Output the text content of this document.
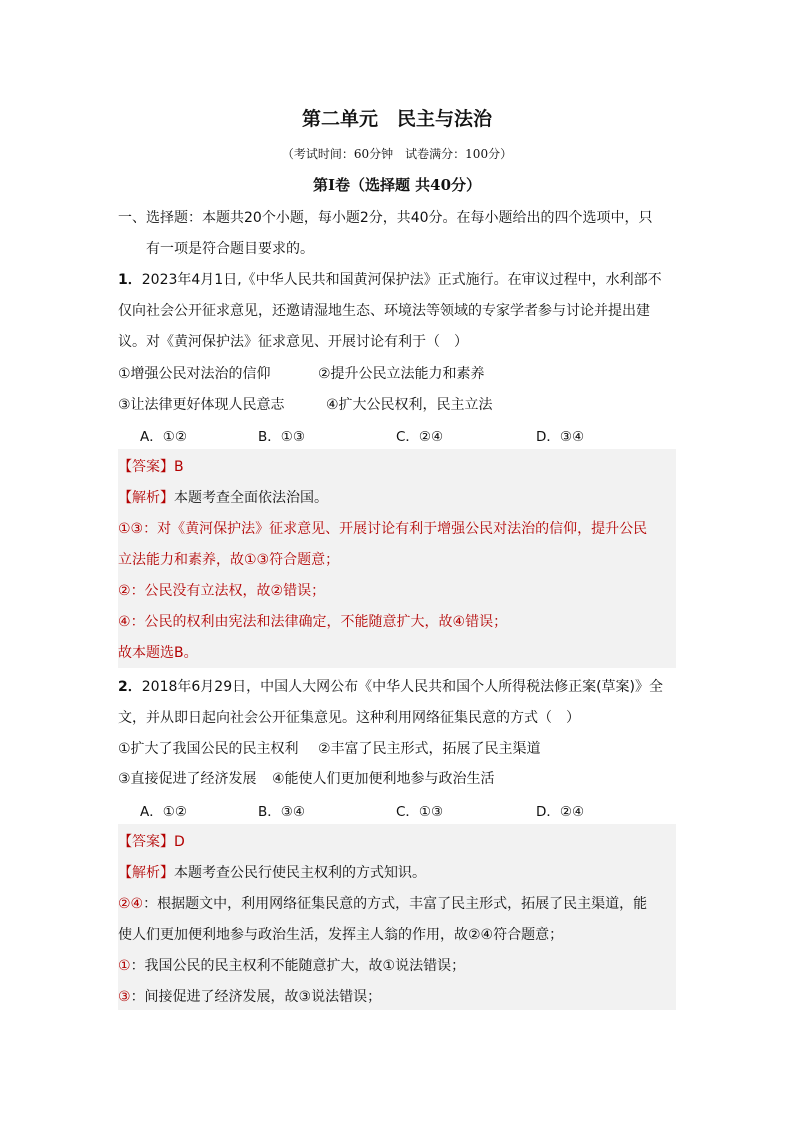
第二单元　民主与法治
（考试时间：60分钟　试卷满分：100分）
第Ⅰ卷（选择题 共40分）
一、选择题：本题共20个小题，每小题2分，共40分。在每小题给出的四个选项中，只
有一项是符合题目要求的。
1．2023年4月1日,《中华人民共和国黄河保护法》正式施行。在审议过程中，水利部不
仅向社会公开征求意见，还邀请湿地生态、环境法等领域的专家学者参与讨论并提出建
议。对《黄河保护法》征求意见、开展讨论有利于（　）
①增强公民对法治的信仰	②提升公民立法能力和素养
③让法律更好体现人民意志	④扩大公民权利，民主立法
A．①②	B．①③	C．②④	D．③④
【答案】B
【解析】本题考查全面依法治国。
①③：对《黄河保护法》征求意见、开展讨论有利于增强公民对法治的信仰，提升公民
立法能力和素养，故①③符合题意；
②：公民没有立法权，故②错误；
④：公民的权利由宪法和法律确定，不能随意扩大，故④错误；
故本题选B。
2．2018年6月29日，中国人大网公布《中华人民共和国个人所得税法修正案(草案)》全
文，并从即日起向社会公开征集意见。这种利用网络征集民意的方式（　）
①扩大了我国公民的民主权利 ②丰富了民主形式，拓展了民主渠道
③直接促进了经济发展 ④能使人们更加便利地参与政治生活
A．①②	B．③④	C．①③	D．②④
【答案】D
【解析】本题考查公民行使民主权利的方式知识。
②④：根据题文中，利用网络征集民意的方式，丰富了民主形式，拓展了民主渠道，能
使人们更加便利地参与政治生活，发挥主人翁的作用，故②④符合题意；
①：我国公民的民主权利不能随意扩大，故①说法错误；
③：间接促进了经济发展，故③说法错误；
